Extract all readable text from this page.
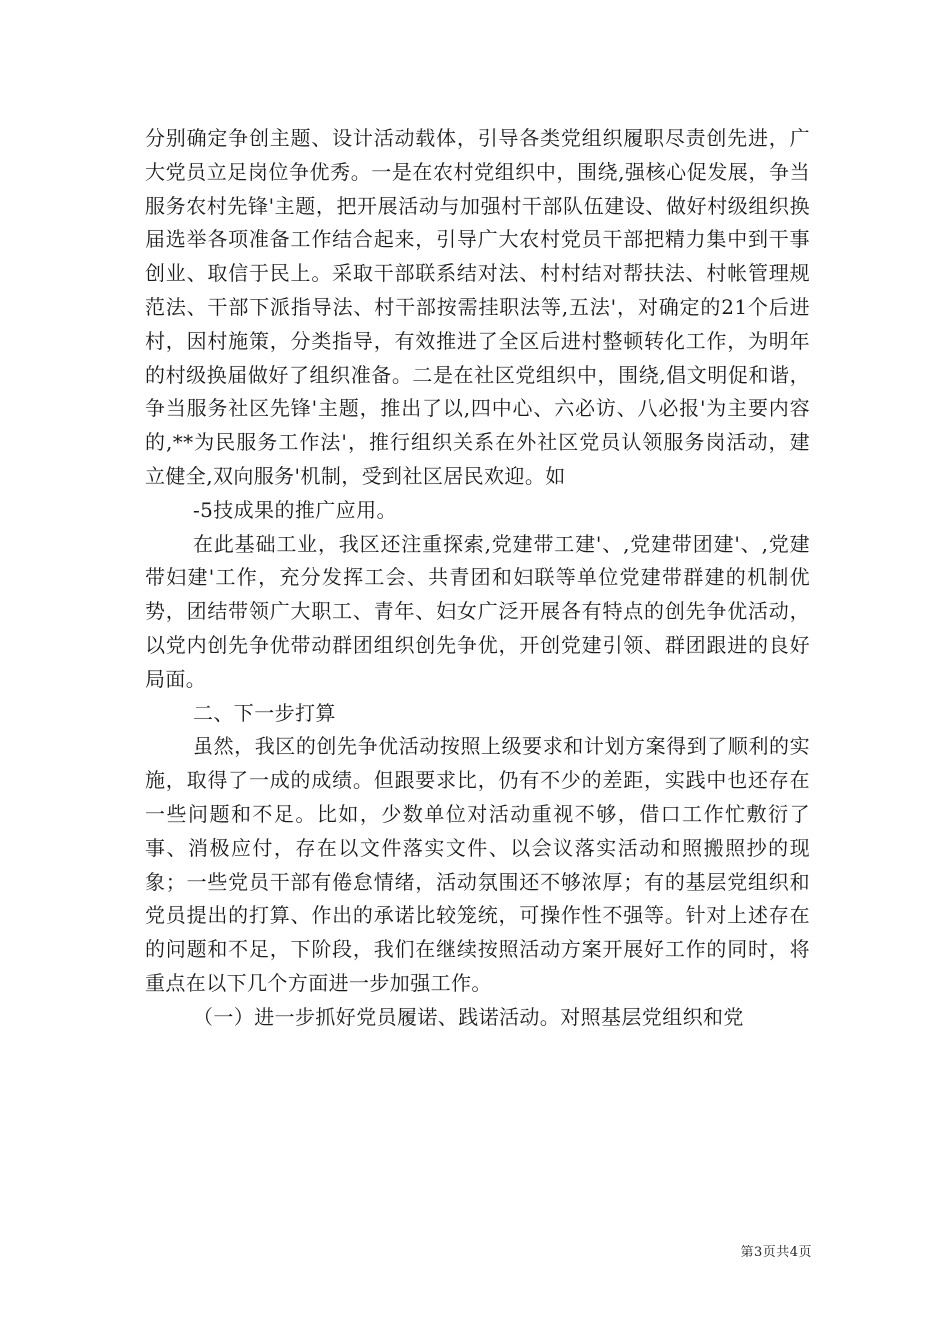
分别确定争创主题、设计活动载体，引导各类党组织履职尽责创先进，广大党员立足岗位争优秀。一是在农村党组织中，围绕,强核心促发展，争当服务农村先锋'主题，把开展活动与加强村干部队伍建设、做好村级组织换届选举各项准备工作结合起来，引导广大农村党员干部把精力集中到干事创业、取信于民上。采取干部联系结对法、村村结对帮扶法、村帐管理规范法、干部下派指导法、村干部按需挂职法等,五法'，对确定的21个后进村，因村施策，分类指导，有效推进了全区后进村整顿转化工作，为明年的村级换届做好了组织准备。二是在社区党组织中，围绕,倡文明促和谐，争当服务社区先锋'主题，推出了以,四中心、六必访、八必报'为主要内容的,**为民服务工作法'，推行组织关系在外社区党员认领服务岗活动，建立健全,双向服务'机制，受到社区居民欢迎。如

-5技成果的推广应用。

在此基础工业，我区还注重探索,党建带工建'、,党建带团建'、,党建带妇建'工作，充分发挥工会、共青团和妇联等单位党建带群建的机制优势，团结带领广大职工、青年、妇女广泛开展各有特点的创先争优活动，以党内创先争优带动群团组织创先争优，开创党建引领、群团跟进的良好局面。

二、下一步打算

虽然，我区的创先争优活动按照上级要求和计划方案得到了顺利的实施，取得了一成的成绩。但跟要求比，仍有不少的差距，实践中也还存在一些问题和不足。比如，少数单位对活动重视不够，借口工作忙敷衍了事、消极应付，存在以文件落实文件、以会议落实活动和照搬照抄的现象；一些党员干部有倦怠情绪，活动氛围还不够浓厚；有的基层党组织和党员提出的打算、作出的承诺比较笼统，可操作性不强等。针对上述存在的问题和不足，下阶段，我们在继续按照活动方案开展好工作的同时，将重点在以下几个方面进一步加强工作。

（一）进一步抓好党员履诺、践诺活动。对照基层党组织和党

第3页共4页
